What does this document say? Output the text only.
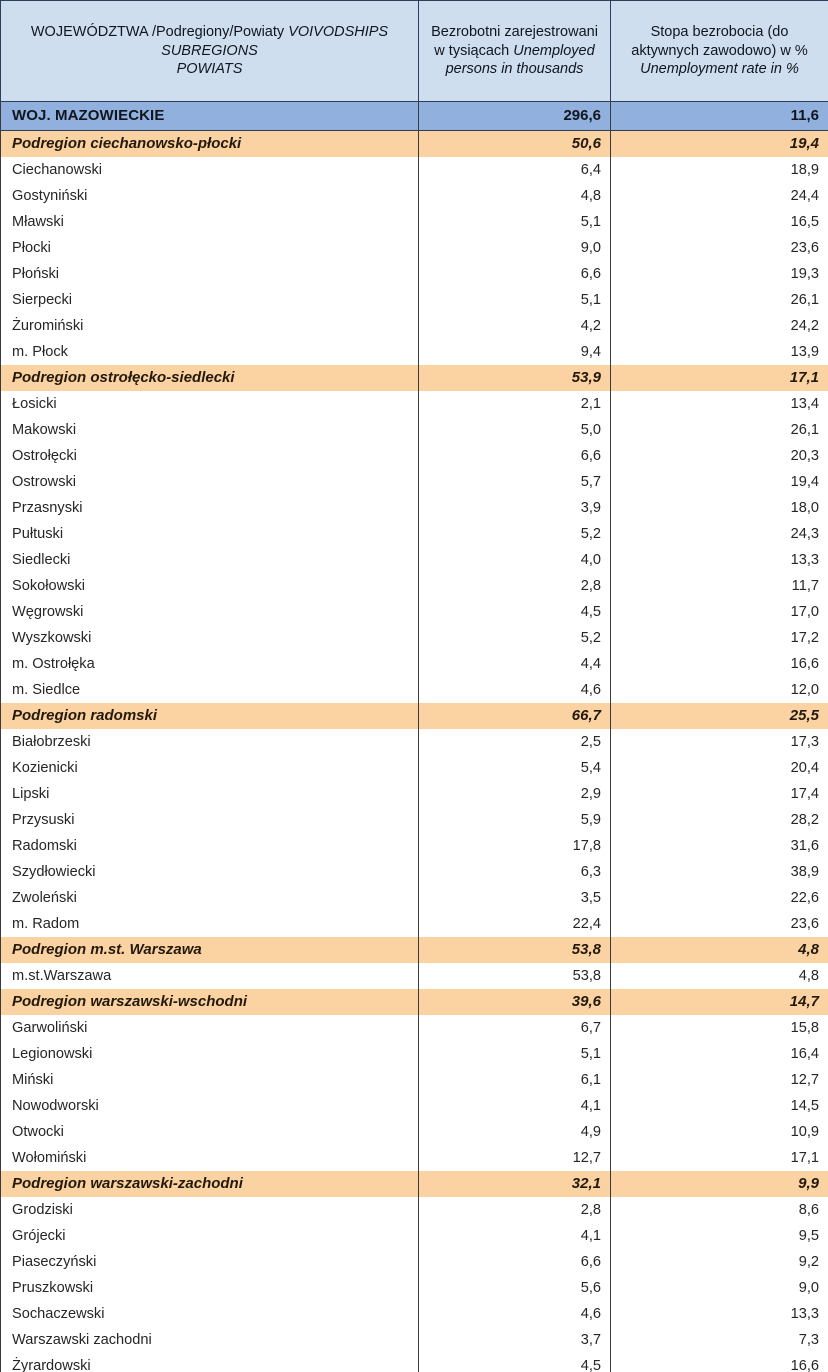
WOJEWÓDZTWA /Podregiony/Powiaty VOIVODSHIPS
SUBREGIONS
POWIATS	Bezrobotni zarejestrowani w tysiącach Unemployed persons in thousands	Stopa bezrobocia (do aktywnych zawodowo) w % Unemployment rate in %
WOJ. MAZOWIECKIE	296,6	11,6
Podregion ciechanowsko-płocki	50,6	19,4
Ciechanowski	6,4	18,9
Gostyniński	4,8	24,4
Mławski	5,1	16,5
Płocki	9,0	23,6
Płoński	6,6	19,3
Sierpecki	5,1	26,1
Żuromiński	4,2	24,2
m. Płock	9,4	13,9
Podregion ostrołęcko-siedlecki	53,9	17,1
Łosicki	2,1	13,4
Makowski	5,0	26,1
Ostrołęcki	6,6	20,3
Ostrowski	5,7	19,4
Przasnyski	3,9	18,0
Pułtuski	5,2	24,3
Siedlecki	4,0	13,3
Sokołowski	2,8	11,7
Węgrowski	4,5	17,0
Wyszkowski	5,2	17,2
m. Ostrołęka	4,4	16,6
m. Siedlce	4,6	12,0
Podregion radomski	66,7	25,5
Białobrzeski	2,5	17,3
Kozienicki	5,4	20,4
Lipski	2,9	17,4
Przysuski	5,9	28,2
Radomski	17,8	31,6
Szydłowiecki	6,3	38,9
Zwoleński	3,5	22,6
m. Radom	22,4	23,6
Podregion m.st. Warszawa	53,8	4,8
m.st.Warszawa	53,8	4,8
Podregion warszawski-wschodni	39,6	14,7
Garwoliński	6,7	15,8
Legionowski	5,1	16,4
Miński	6,1	12,7
Nowodworski	4,1	14,5
Otwocki	4,9	10,9
Wołomiński	12,7	17,1
Podregion warszawski-zachodni	32,1	9,9
Grodziski	2,8	8,6
Grójecki	4,1	9,5
Piaseczyński	6,6	9,2
Pruszkowski	5,6	9,0
Sochaczewski	4,6	13,3
Warszawski zachodni	3,7	7,3
Żyrardowski	4,5	16,6
